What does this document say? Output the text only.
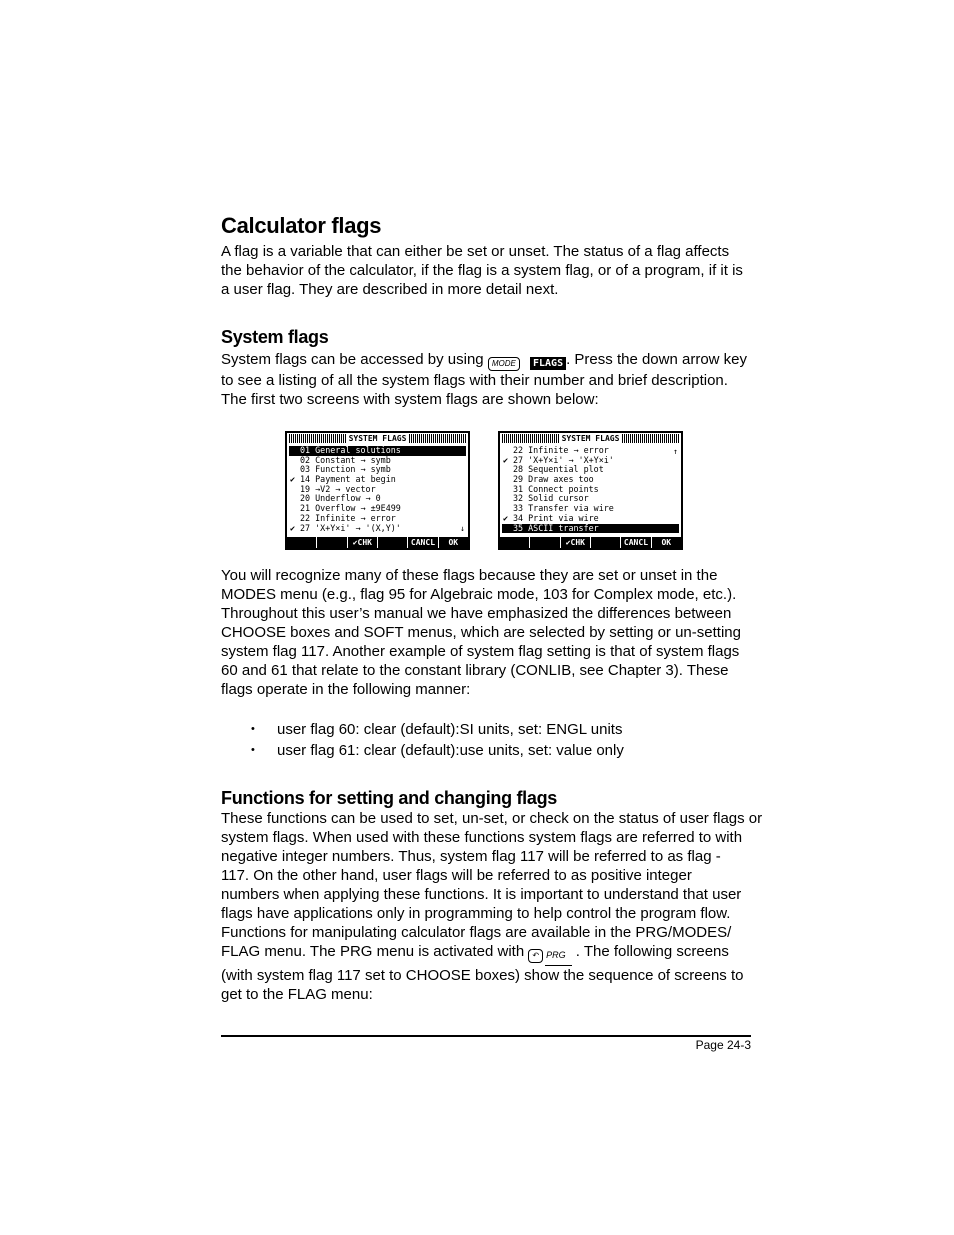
Calculator flags

A flag is a variable that can either be set or unset. The status of a flag affects
the behavior of the calculator, if the flag is a system flag, or of a program, if it is
a user flag. They are described in more detail next.

System flags

System flags can be accessed by using MODE FLAGS . Press the down arrow key
to see a listing of all the system flags with their number and brief description.
The first two screens with system flags are shown below:

SYSTEM FLAGS
01 General solutions
02 Constant → symb
03 Function → symb
✔ 14 Payment at begin
19 →V2 → vector
20 Underflow → 0
21 Overflow → ±9E499
22 Infinite → error
✔ 27 'X+Y×i' → '(X,Y)'	↓
✔CHK	CANCL	OK
SYSTEM FLAGS
22 Infinite → error
✔ 27 'X+Y×i' → 'X+Y×i'
28 Sequential plot
29 Draw axes too
31 Connect points
32 Solid cursor
33 Transfer via wire
✔ 34 Print via wire
35 ASCII transfer
↑
↓
✔CHK	CANCL	OK

You will recognize many of these flags because they are set or unset in the
MODES menu (e.g., flag 95 for Algebraic mode, 103 for Complex mode, etc.).
Throughout this user’s manual we have emphasized the differences between
CHOOSE boxes and SOFT menus, which are selected by setting or un-setting
system flag 117. Another example of system flag setting is that of system flags
60 and 61 that relate to the constant library (CONLIB, see Chapter 3). These
flags operate in the following manner:

• user flag 60: clear (default):SI units, set: ENGL units
• user flag 61: clear (default):use units, set: value only
Functions for setting and changing flags

These functions can be used to set, un-set, or check on the status of user flags or
system flags. When used with these functions system flags are referred to with
negative integer numbers. Thus, system flag 117 will be referred to as flag -
117. On the other hand, user flags will be referred to as positive integer
numbers when applying these functions. It is important to understand that user
flags have applications only in programming to help control the program flow.
Functions for manipulating calculator flags are available in the PRG/MODES/
FLAG menu. The PRG menu is activated with ↶ PRG . The following screens
(with system flag 117 set to CHOOSE boxes) show the sequence of screens to
get to the FLAG menu:

Page 24-3
